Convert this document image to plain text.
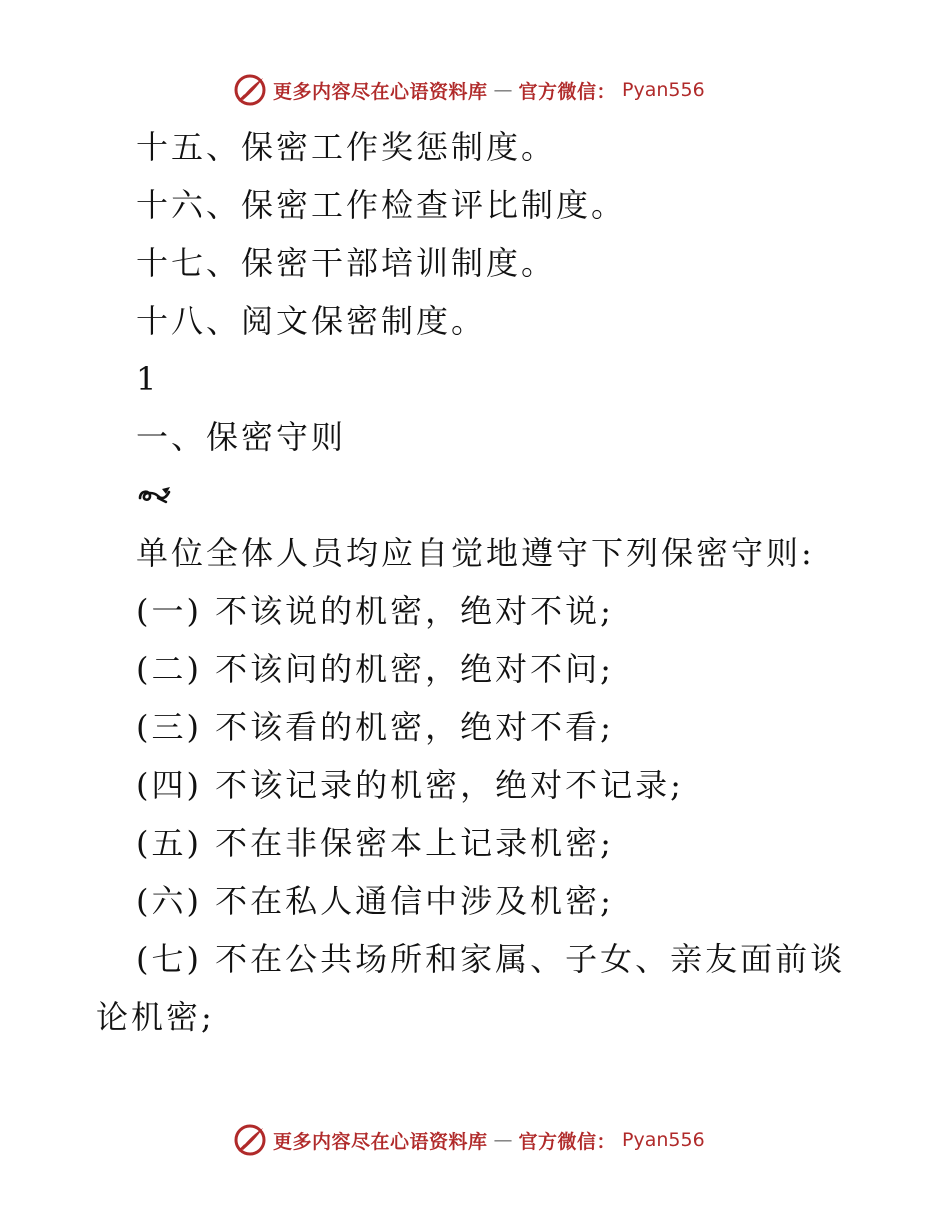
更多内容尽在心语资料库 — 官方微信： Pyan556
十五、保密工作奖惩制度。
十六、保密工作检查评比制度。
十七、保密干部培训制度。
十八、阅文保密制度。
1
一、保密守则
单位全体人员均应自觉地遵守下列保密守则:
(一) 不该说的机密，绝对不说;
(二) 不该问的机密，绝对不问;
(三) 不该看的机密，绝对不看;
(四) 不该记录的机密，绝对不记录;
(五) 不在非保密本上记录机密;
(六) 不在私人通信中涉及机密;
(七) 不在公共场所和家属、子女、亲友面前谈论机密;
更多内容尽在心语资料库 — 官方微信： Pyan556
